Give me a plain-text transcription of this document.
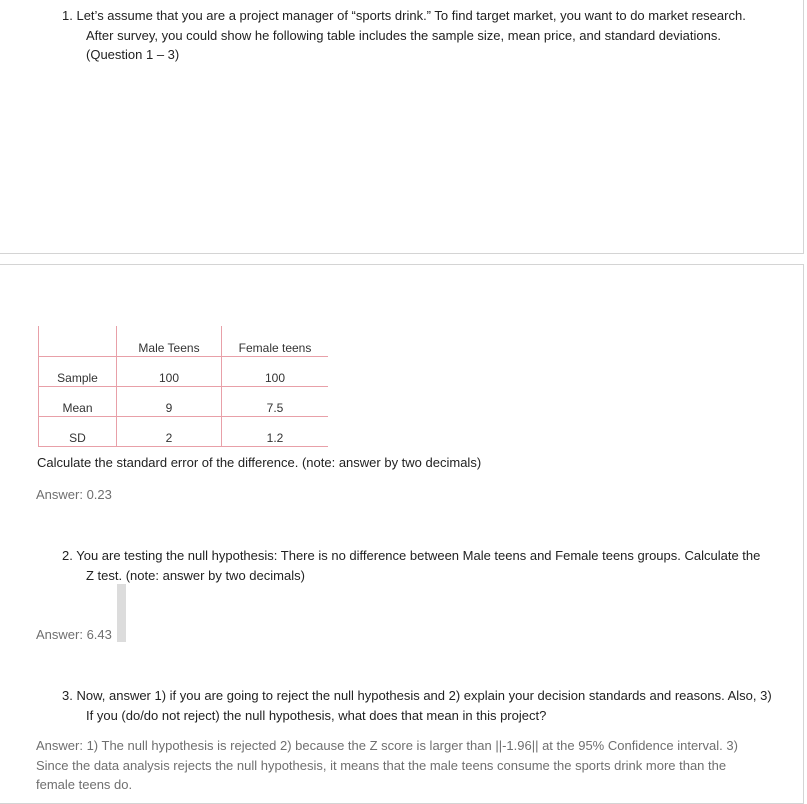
1. Let’s assume that you are a project manager of “sports drink.” To find target market, you want to do market research. After survey, you could show he following table includes the sample size, mean price, and standard deviations. (Question 1 – 3)
	Male Teens	Female teens
Sample	100	100
Mean	9	7.5
SD	2	1.2
Calculate the standard error of the difference. (note: answer by two decimals)
Answer: 0.23
2. You are testing the null hypothesis: There is no difference between Male teens and Female teens groups. Calculate the Z test. (note: answer by two decimals)
Answer: 6.43
3. Now, answer 1) if you are going to reject the null hypothesis and 2) explain your decision standards and reasons. Also, 3) If you (do/do not reject) the null hypothesis, what does that mean in this project?
Answer: 1) The null hypothesis is rejected 2) because the Z score is larger than ||-1.96|| at the 95% Confidence interval. 3) Since the data analysis rejects the null hypothesis, it means that the male teens consume the sports drink more than the female teens do.
